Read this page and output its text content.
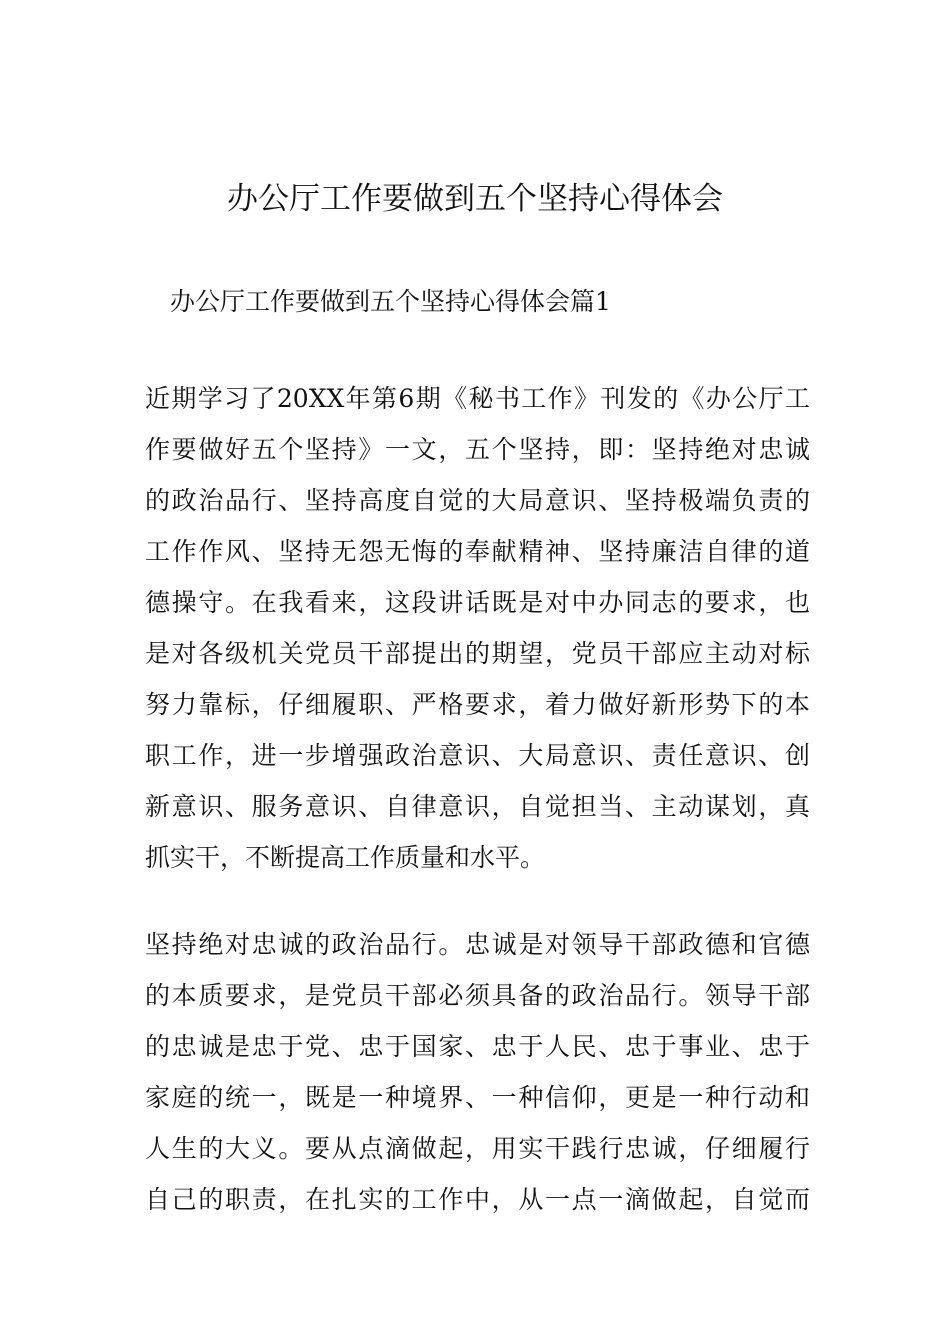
办公厅工作要做到五个坚持心得体会

办公厅工作要做到五个坚持心得体会篇1

近期学习了20XX年第6期《秘书工作》刊发的《办公厅工
作要做好五个坚持》一文，五个坚持，即：坚持绝对忠诚
的政治品行、坚持高度自觉的大局意识、坚持极端负责的
工作作风、坚持无怨无悔的奉献精神、坚持廉洁自律的道
德操守。在我看来，这段讲话既是对中办同志的要求，也
是对各级机关党员干部提出的期望，党员干部应主动对标
努力靠标，仔细履职、严格要求，着力做好新形势下的本
职工作，进一步增强政治意识、大局意识、责任意识、创
新意识、服务意识、自律意识，自觉担当、主动谋划，真
抓实干，不断提高工作质量和水平。
坚持绝对忠诚的政治品行。忠诚是对领导干部政德和官德
的本质要求，是党员干部必须具备的政治品行。领导干部
的忠诚是忠于党、忠于国家、忠于人民、忠于事业、忠于
家庭的统一，既是一种境界、一种信仰，更是一种行动和
人生的大义。要从点滴做起，用实干践行忠诚，仔细履行
自己的职责，在扎实的工作中，从一点一滴做起，自觉而
